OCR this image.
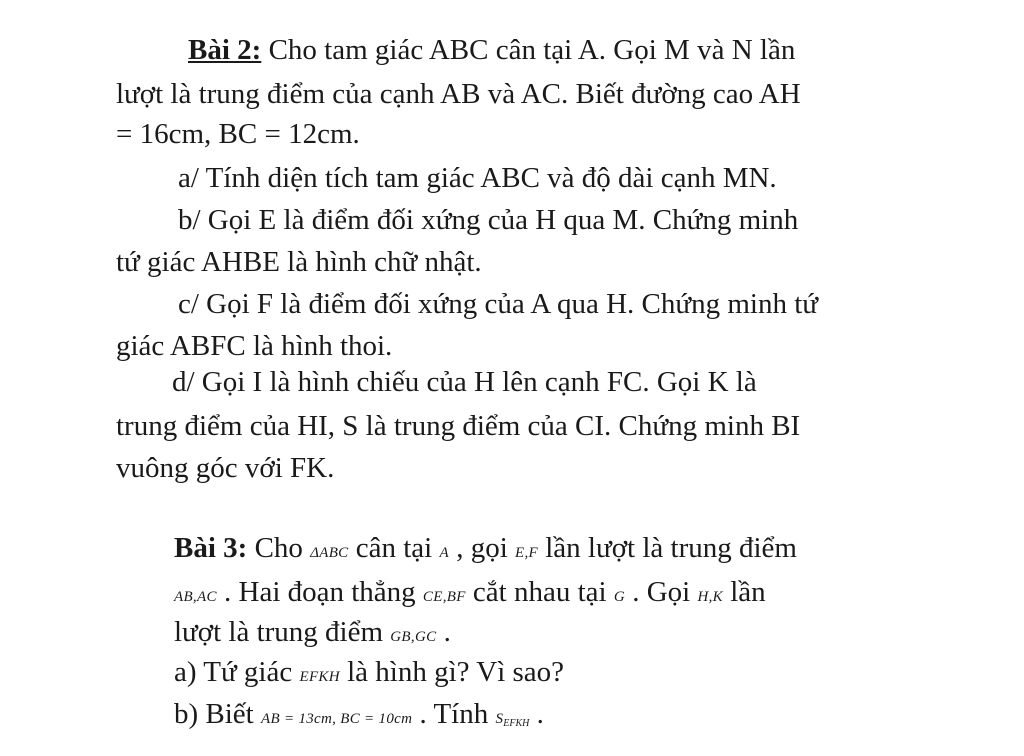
Bài 2: Cho tam giác ABC cân tại A. Gọi M và N lần
lượt là trung điểm của cạnh AB và AC. Biết đường cao AH
= 16cm, BC = 12cm.
a/ Tính diện tích tam giác ABC và độ dài cạnh MN.
b/ Gọi E là điểm đối xứng của H qua M. Chứng minh
tứ giác AHBE là hình chữ nhật.
c/ Gọi F là điểm đối xứng của A qua H. Chứng minh tứ
giác ABFC là hình thoi.
d/ Gọi I là hình chiếu của H lên cạnh FC. Gọi K là
trung điểm của HI, S là trung điểm của CI. Chứng minh BI
vuông góc với FK.
Bài 3: Cho ΔABC cân tại A , gọi E,F lần lượt là trung điểm
AB,AC . Hai đoạn thẳng CE,BF cắt nhau tại G . Gọi H,K lần
lượt là trung điểm GB,GC .
a) Tứ giác EFKH là hình gì? Vì sao?
b) Biết AB = 13cm, BC = 10cm . Tính $S_{EFKH}$ .
